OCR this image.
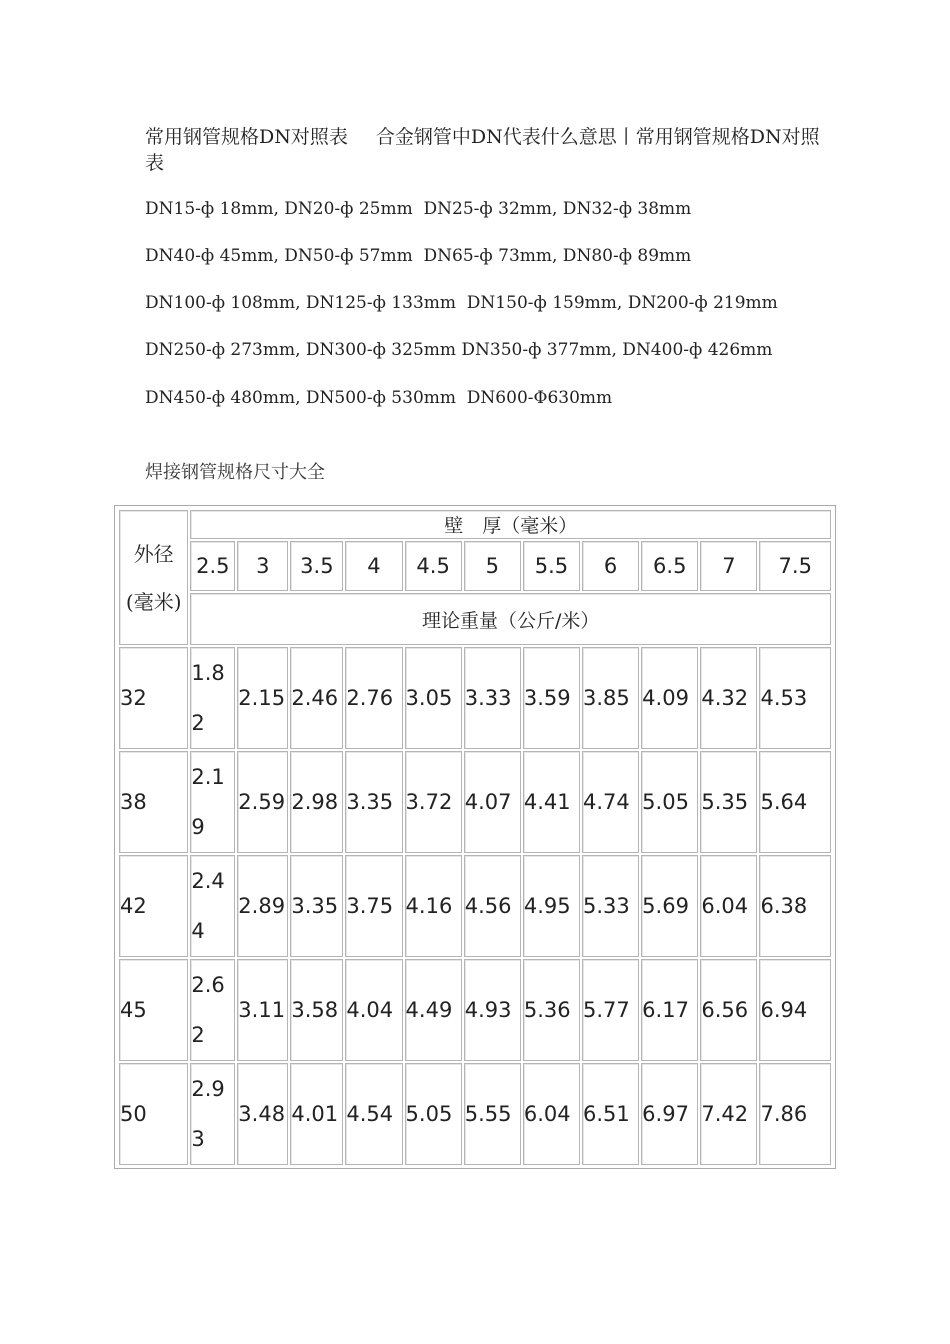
常用钢管规格DN对照表 合金钢管中DN代表什么意思丨常用钢管规格DN对照表
DN15-ф 18mm, DN20-ф 25mm  DN25-ф 32mm, DN32-ф 38mm
DN40-ф 45mm, DN50-ф 57mm  DN65-ф 73mm, DN80-ф 89mm
DN100-ф 108mm, DN125-ф 133mm  DN150-ф 159mm, DN200-ф 219mm
DN250-ф 273mm, DN300-ф 325mm DN350-ф 377mm, DN400-ф 426mm
DN450-ф 480mm, DN500-ф 530mm  DN600-Φ630mm
焊接钢管规格尺寸大全
外径
(毫米)	壁　厚（毫米）										
	2.5	3	3.5	4	4.5	5	5.5	6	6.5	7	7.5
	理论重量（公斤/米）										
32	1.82	2.15	2.46	2.76	3.05	3.33	3.59	3.85	4.09	4.32	4.53
38	2.19	2.59	2.98	3.35	3.72	4.07	4.41	4.74	5.05	5.35	5.64
42	2.44	2.89	3.35	3.75	4.16	4.56	4.95	5.33	5.69	6.04	6.38
45	2.62	3.11	3.58	4.04	4.49	4.93	5.36	5.77	6.17	6.56	6.94
50	2.93	3.48	4.01	4.54	5.05	5.55	6.04	6.51	6.97	7.42	7.86
